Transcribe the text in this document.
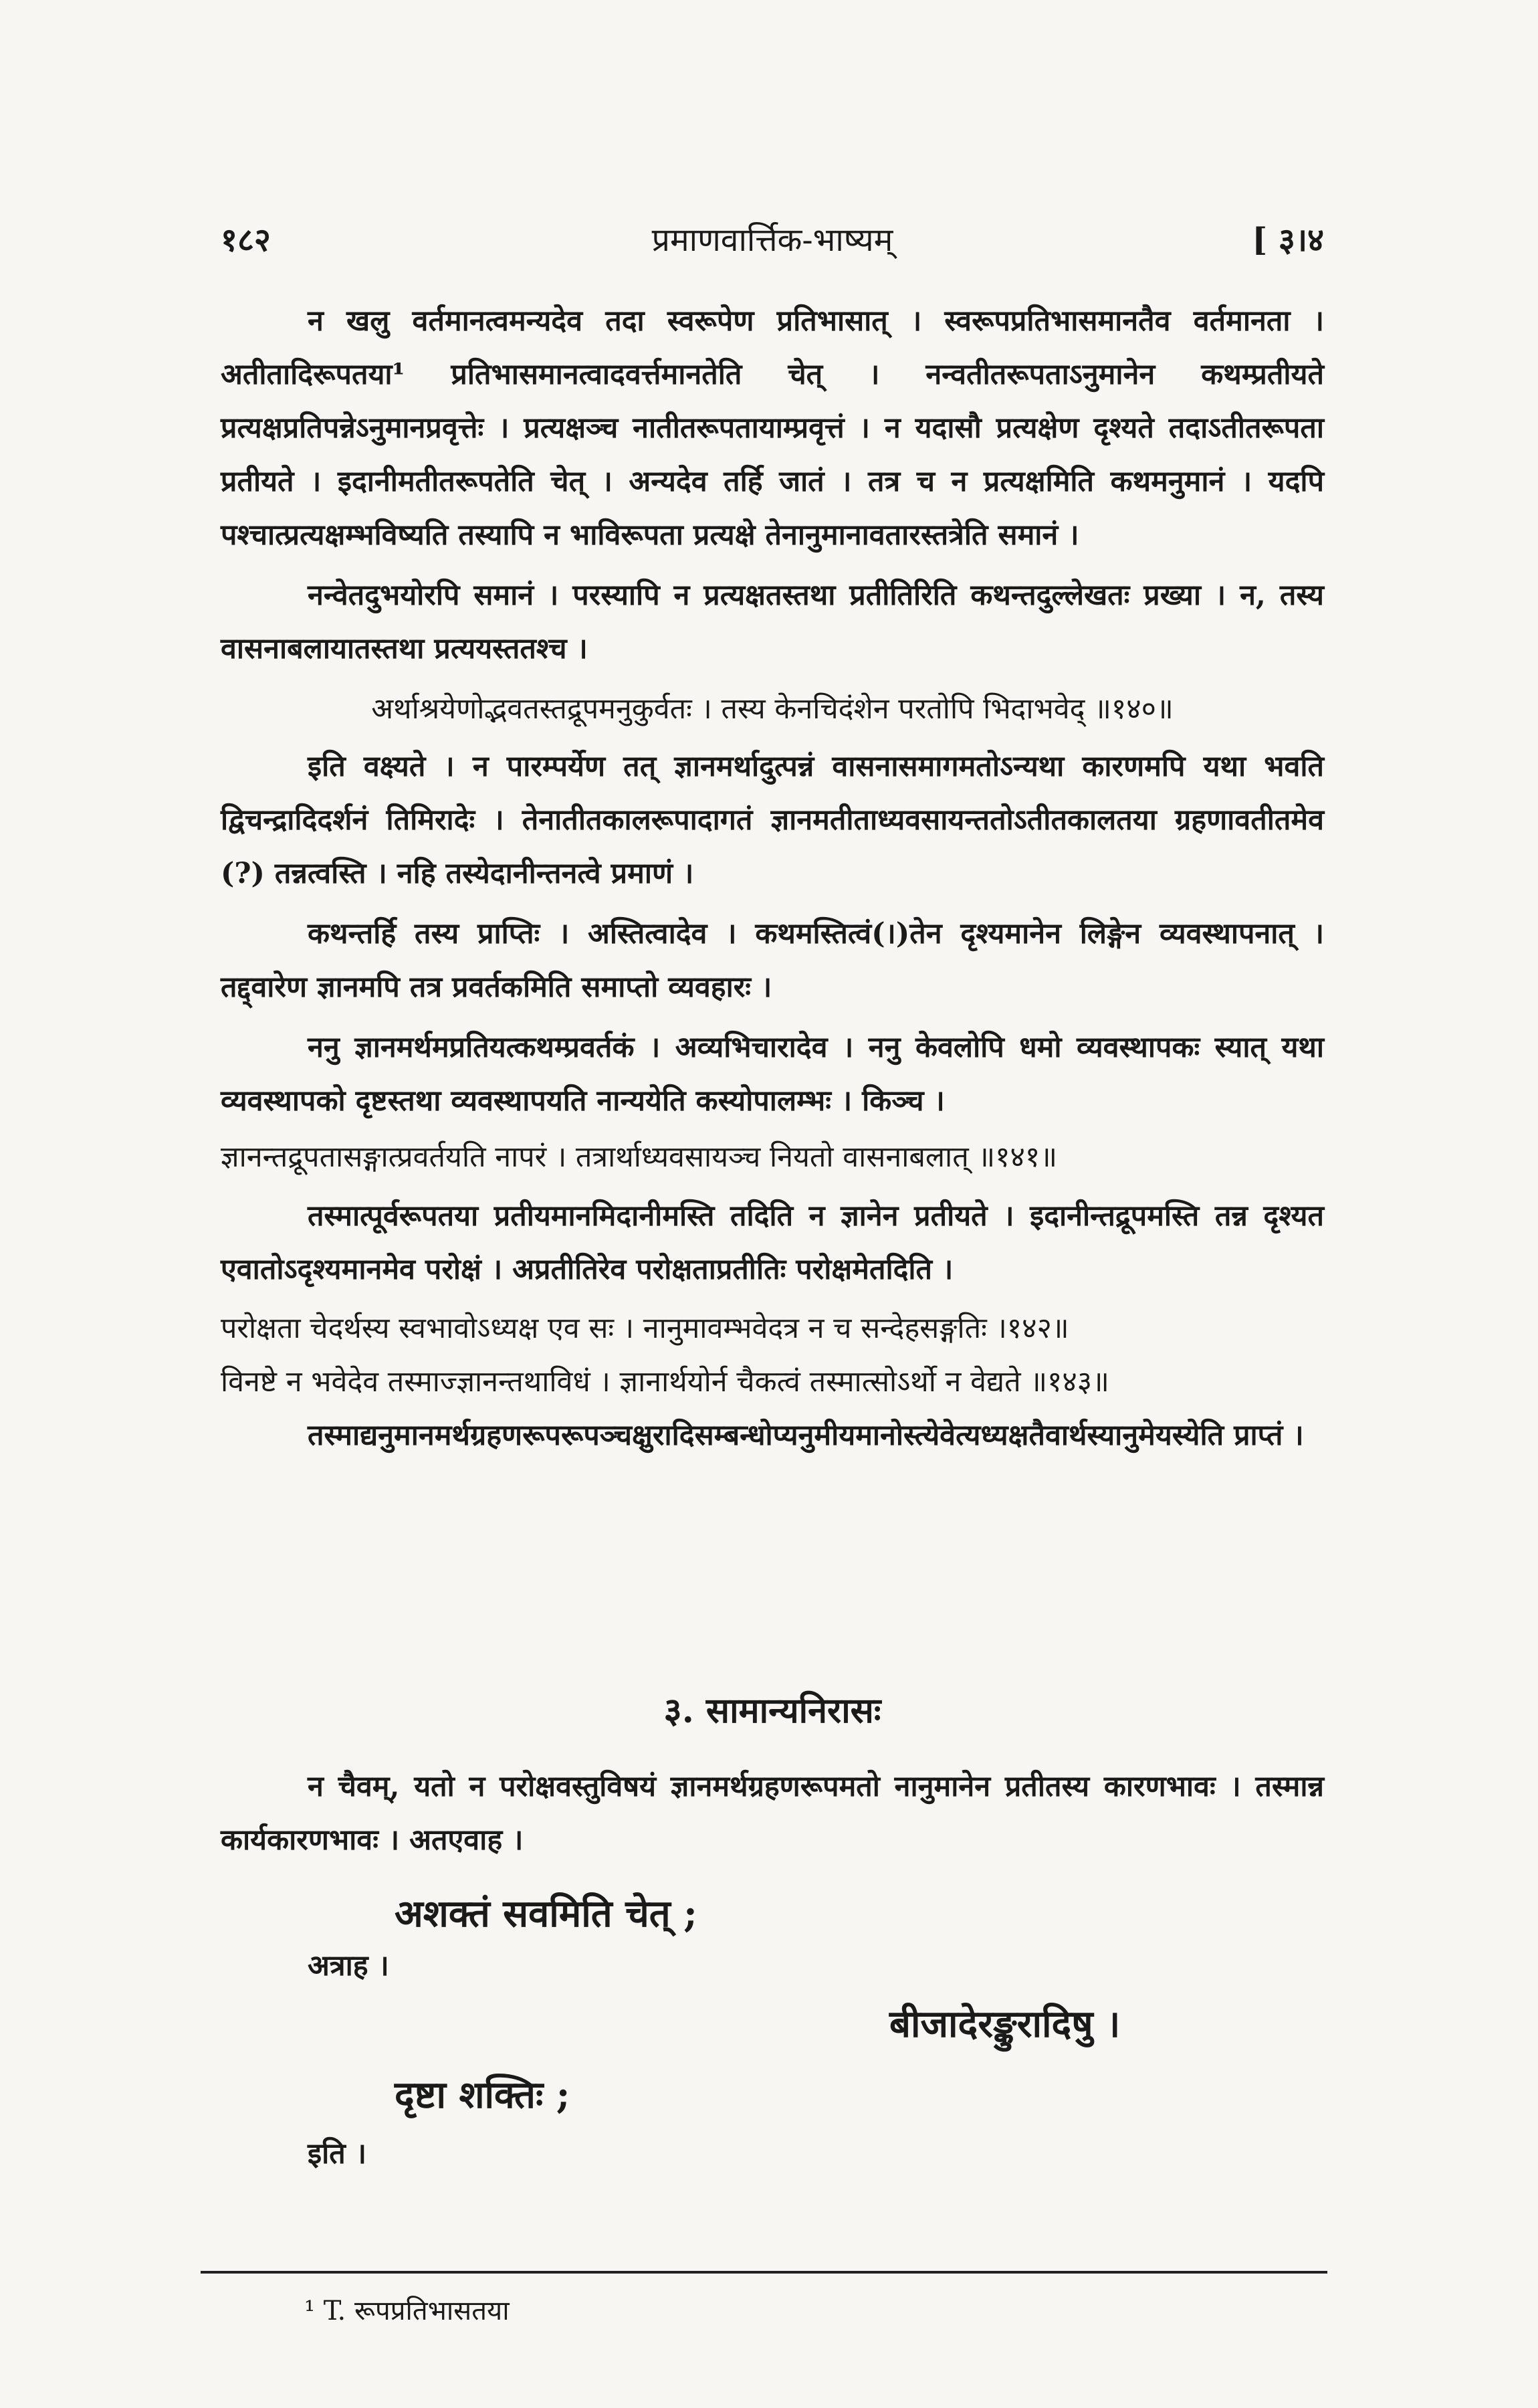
१८२	प्रमाणवार्त्तिक-भाष्यम्	[ ३।४

न खलु वर्तमानत्वमन्यदेव तदा स्वरूपेण प्रतिभासात् । स्वरूपप्रतिभासमानतैव वर्तमानता । अतीतादिरूपतया¹ प्रतिभासमानत्वादवर्त्तमानतेति चेत् । नन्वतीतरूपताऽनुमानेन कथम्प्रतीयते प्रत्यक्षप्रतिपन्नेऽनुमानप्रवृत्तेः । प्रत्यक्षञ्च नातीतरूपतायाम्प्रवृत्तं । न यदासौ प्रत्यक्षेण दृश्यते तदाऽतीतरूपता प्रतीयते । इदानीमतीतरूपतेति चेत् । अन्यदेव तर्हि जातं । तत्र च न प्रत्यक्षमिति कथमनुमानं । यदपि पश्चात्प्रत्यक्षम्भविष्यति तस्यापि न भाविरूपता प्रत्यक्षे तेनानुमानावतारस्तत्रेति समानं ।

नन्वेतदुभयोरपि समानं । परस्यापि न प्रत्यक्षतस्तथा प्रतीतिरिति कथन्तदुल्लेखतः प्रख्या । न, तस्य वासनाबलायातस्तथा प्रत्ययस्ततश्च ।

अर्थाश्रयेणोद्भवतस्तद्रूपमनुकुर्वतः । तस्य केनचिदंशेन परतोपि भिदाभवेद् ॥१४०॥

इति वक्ष्यते । न पारम्पर्येण तत् ज्ञानमर्थादुत्पन्नं वासनासमागमतोऽन्यथा कारणमपि यथा भवति द्विचन्द्रादिदर्शनं तिमिरादेः । तेनातीतकालरूपादागतं ज्ञानमतीताध्यवसायन्ततोऽतीतकालतया ग्रहणावतीतमेव (?) तन्नत्वस्ति । नहि तस्येदानीन्तनत्वे प्रमाणं ।

कथन्तर्हि तस्य प्राप्तिः । अस्तित्वादेव । कथमस्तित्वं(।)तेन दृश्यमानेन लिङ्गेन व्यवस्थापनात् । तद्द्वारेण ज्ञानमपि तत्र प्रवर्तकमिति समाप्तो व्यवहारः ।

ननु ज्ञानमर्थमप्रतियत्कथम्प्रवर्तकं । अव्यभिचारादेव । ननु केवलोपि धमो व्यवस्थापकः स्यात् यथा व्यवस्थापको दृष्टस्तथा व्यवस्थापयति नान्ययेति कस्योपालम्भः । किञ्च ।

ज्ञानन्तद्रूपतासङ्गात्प्रवर्तयति नापरं । तत्रार्थाध्यवसायञ्च नियतो वासनाबलात् ॥१४१॥

तस्मात्पूर्वरूपतया प्रतीयमानमिदानीमस्ति तदिति न ज्ञानेन प्रतीयते । इदानीन्तद्रूपमस्ति तन्न दृश्यत एवातोऽदृश्यमानमेव परोक्षं । अप्रतीतिरेव परोक्षताप्रतीतिः परोक्षमेतदिति ।

परोक्षता चेदर्थस्य स्वभावोऽध्यक्ष एव सः । नानुमावम्भवेदत्र न च सन्देहसङ्गतिः ।१४२॥

विनष्टे न भवेदेव तस्माज्ज्ञानन्तथाविधं । ज्ञानार्थयोर्न चैकत्वं तस्मात्सोऽर्थो न वेद्यते ॥१४३॥

तस्माद्यनुमानमर्थग्रहणरूपरूपञ्चक्षुरादिसम्बन्धोप्यनुमीयमानोस्त्येवेत्यध्यक्षतैवार्थस्यानुमेयस्येति प्राप्तं ।

३. सामान्यनिरासः

न चैवम्, यतो न परोक्षवस्तुविषयं ज्ञानमर्थग्रहणरूपमतो नानुमानेन प्रतीतस्य कारणभावः । तस्मान्न कार्यकारणभावः । अतएवाह ।

अशक्तं सवमिति चेत् ;

अत्राह ।

बीजादेरङ्कुरादिषु ।

दृष्टा शक्तिः ;

इति ।

¹ T. रूपप्रतिभासतया
